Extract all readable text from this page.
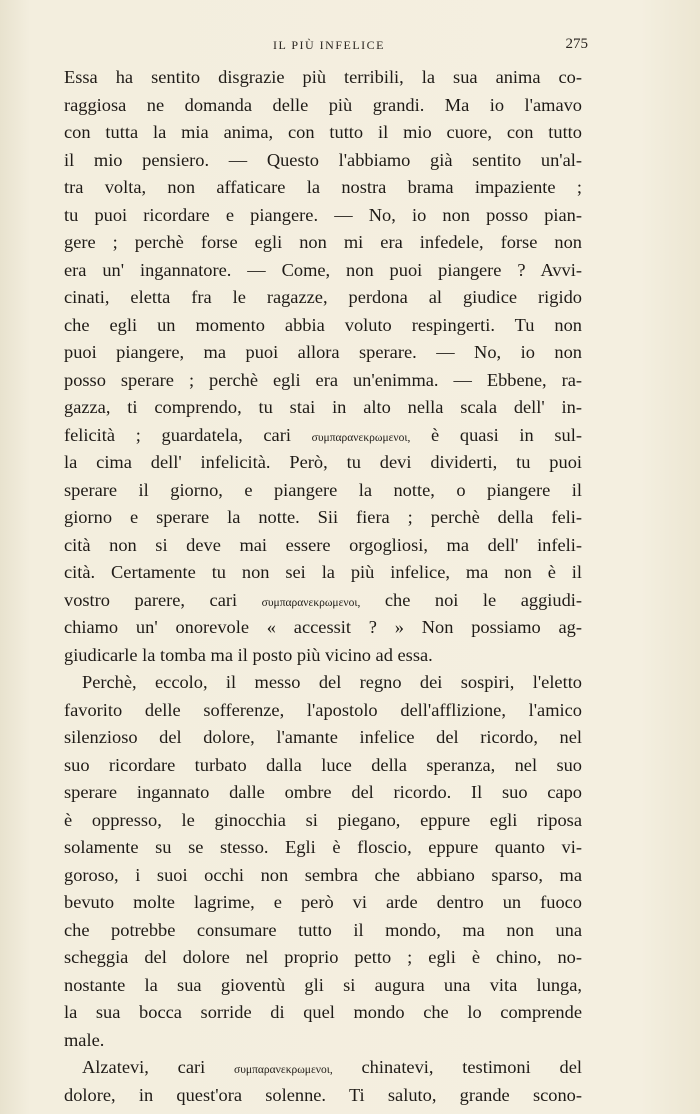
IL PIÙ INFELICE	275
Essa ha sentito disgrazie più terribili, la sua anima co-
raggiosa ne domanda delle più grandi. Ma io l'amavo
con tutta la mia anima, con tutto il mio cuore, con tutto
il mio pensiero. — Questo l'abbiamo già sentito un'al-
tra volta, non affaticare la nostra brama impaziente ;
tu puoi ricordare e piangere. — No, io non posso pian-
gere ; perchè forse egli non mi era infedele, forse non
era un' ingannatore. — Come, non puoi piangere ? Avvi-
cinati, eletta fra le ragazze, perdona al giudice rigido
che egli un momento abbia voluto respingerti. Tu non
puoi piangere, ma puoi allora sperare. — No, io non
posso sperare ; perchè egli era un'enimma. — Ebbene, ra-
gazza, ti comprendo, tu stai in alto nella scala dell' in-
felicità ; guardatela, cari συμπαρανεκρωμενοι, è quasi in sul-
la cima dell' infelicità. Però, tu devi dividerti, tu puoi
sperare il giorno, e piangere la notte, o piangere il
giorno e sperare la notte. Sii fiera ; perchè della feli-
cità non si deve mai essere orgogliosi, ma dell' infeli-
cità. Certamente tu non sei la più infelice, ma non è il
vostro parere, cari συμπαρανεκρωμενοι, che noi le aggiudi-
chiamo un' onorevole « accessit ? » Non possiamo ag-
giudicarle la tomba ma il posto più vicino ad essa.
Perchè, eccolo, il messo del regno dei sospiri, l'eletto
favorito delle sofferenze, l'apostolo dell'afflizione, l'amico
silenzioso del dolore, l'amante infelice del ricordo, nel
suo ricordare turbato dalla luce della speranza, nel suo
sperare ingannato dalle ombre del ricordo. Il suo capo
è oppresso, le ginocchia si piegano, eppure egli riposa
solamente su se stesso. Egli è floscio, eppure quanto vi-
goroso, i suoi occhi non sembra che abbiano sparso, ma
bevuto molte lagrime, e però vi arde dentro un fuoco
che potrebbe consumare tutto il mondo, ma non una
scheggia del dolore nel proprio petto ; egli è chino, no-
nostante la sua gioventù gli si augura una vita lunga,
la sua bocca sorride di quel mondo che lo comprende
male.
Alzatevi, cari	συμπαρανεκρωμενοι, chinatevi, testimoni del
dolore, in quest'ora solenne. Ti saluto, grande scono-
